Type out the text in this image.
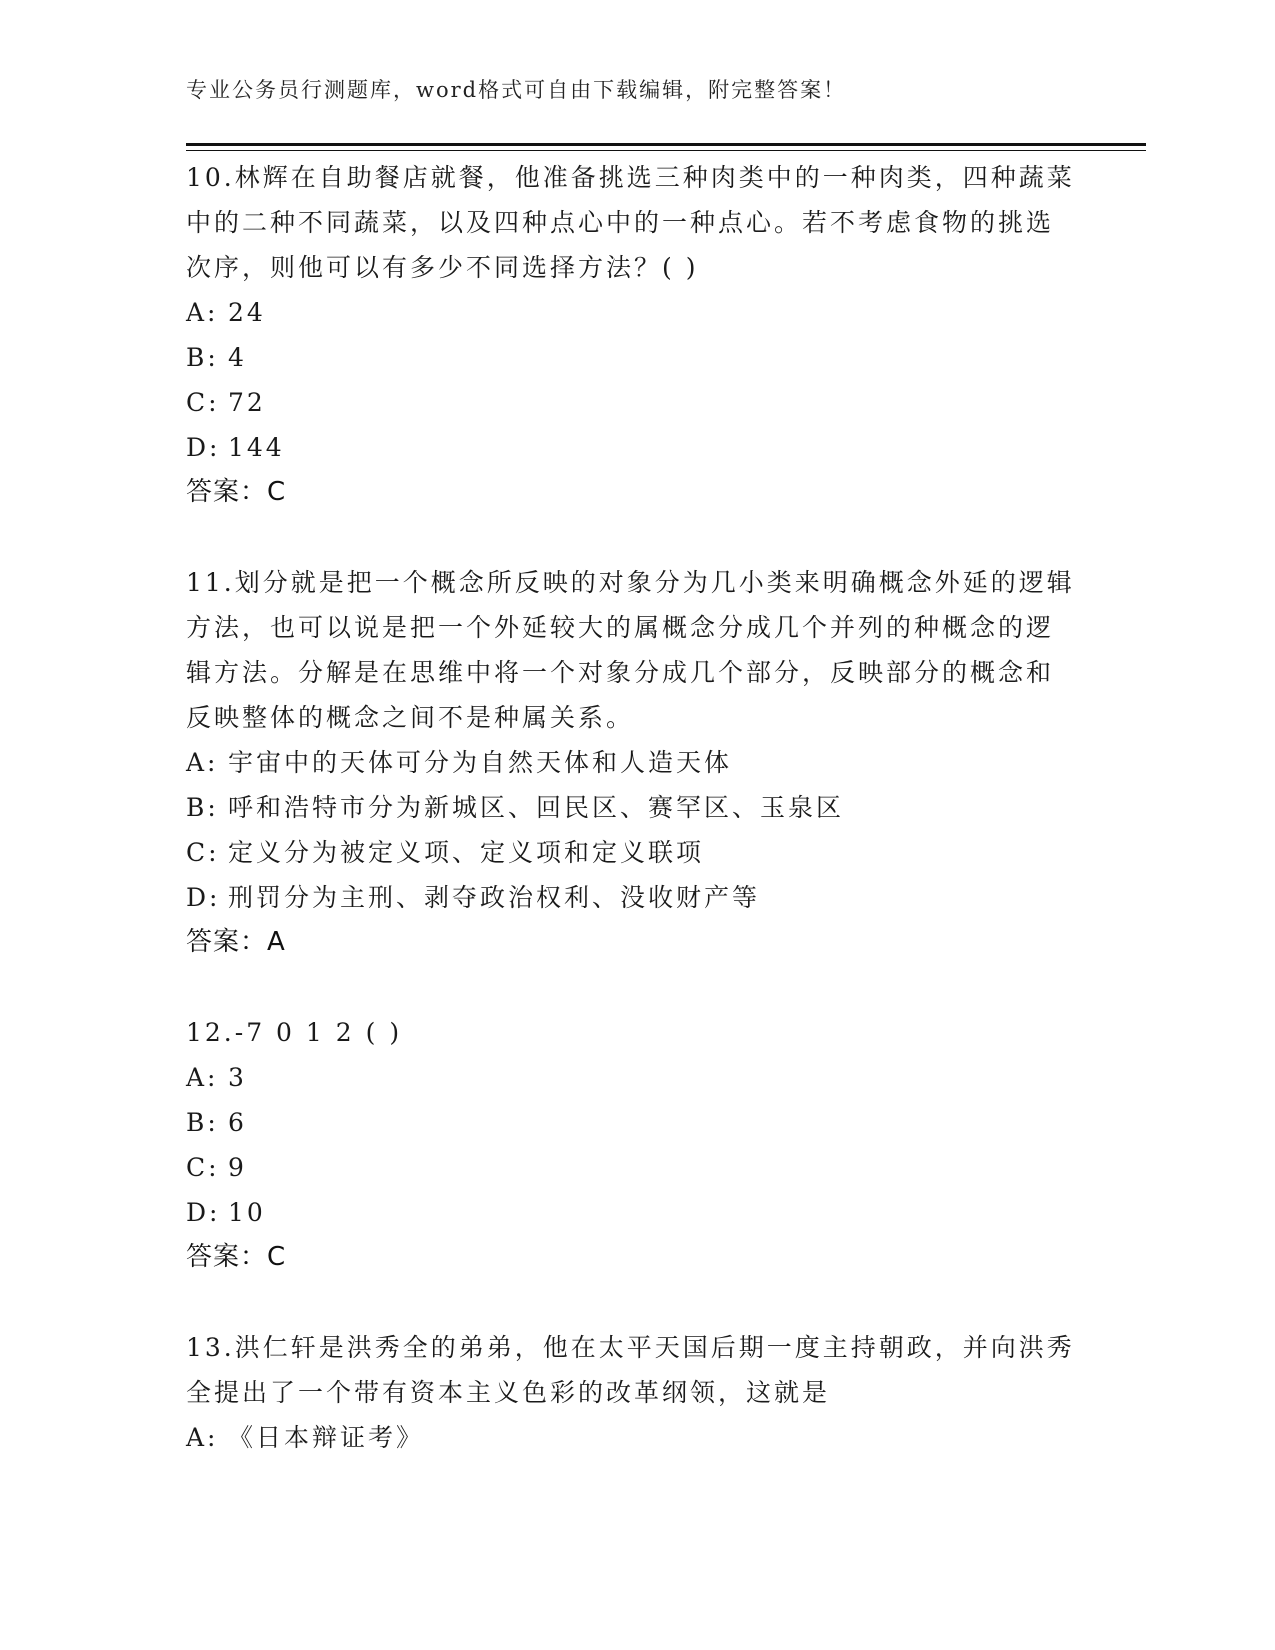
专业公务员行测题库，word格式可自由下载编辑，附完整答案！

10.林辉在自助餐店就餐，他准备挑选三种肉类中的一种肉类，四种蔬菜中的二种不同蔬菜，以及四种点心中的一种点心。若不考虑食物的挑选次序，则他可以有多少不同选择方法？( )

A: 24

B: 4

C: 72

D: 144

答案：C

11.划分就是把一个概念所反映的对象分为几小类来明确概念外延的逻辑方法，也可以说是把一个外延较大的属概念分成几个并列的种概念的逻辑方法。分解是在思维中将一个对象分成几个部分，反映部分的概念和反映整体的概念之间不是种属关系。

A: 宇宙中的天体可分为自然天体和人造天体

B: 呼和浩特市分为新城区、回民区、赛罕区、玉泉区

C: 定义分为被定义项、定义项和定义联项

D: 刑罚分为主刑、剥夺政治权利、没收财产等

答案：A

12.-7 0 1 2 ( )

A: 3

B: 6

C: 9

D: 10

答案：C

13.洪仁轩是洪秀全的弟弟，他在太平天国后期一度主持朝政，并向洪秀全提出了一个带有资本主义色彩的改革纲领，这就是

A: 《日本辩证考》
